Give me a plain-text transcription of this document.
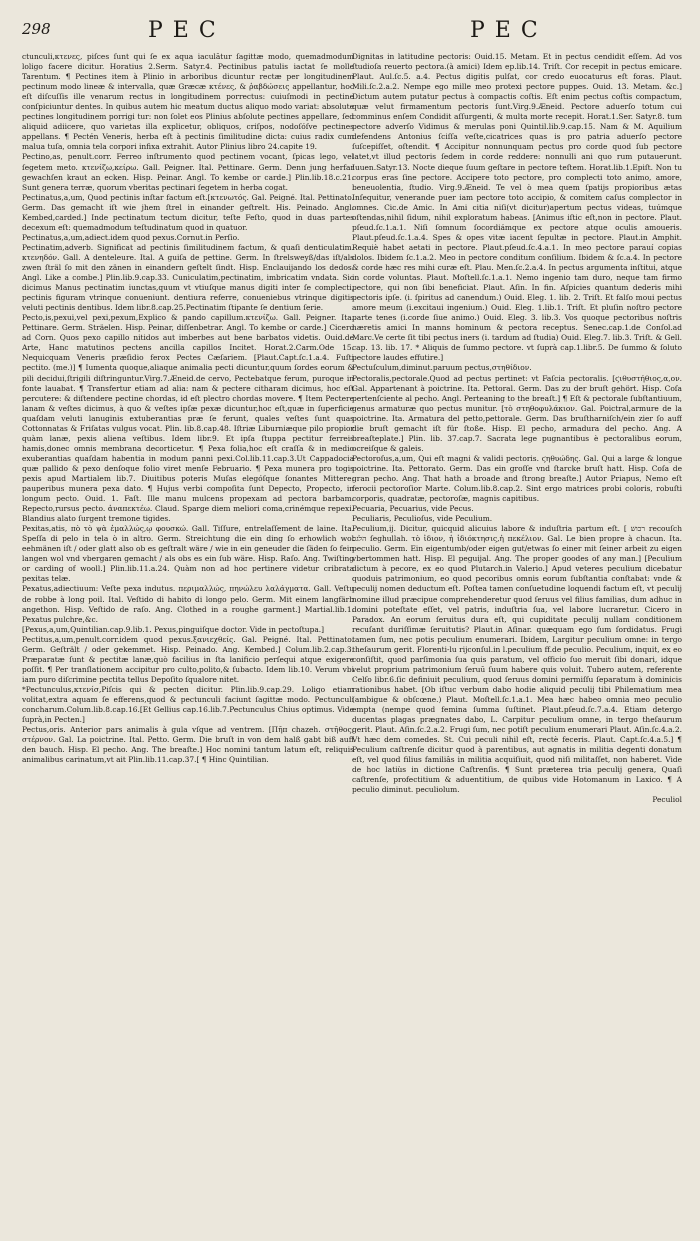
298	PEC	PEC

ctunculi,κτενες, piſces ſunt qui ſe ex aqua iaculātur ſagittæ modo, quemadmodum loligo facere dicitur. Horatius 2.Serm. Satyr.4. Pectinibus patulis iactat ſe molle Tarentum. ¶ Pectines item à Plinio in arboribus dicuntur rectæ per longitudinem pectinum modo lineæ & intervalla, quæ Græcæ κτένες, & ῥαβδώσεις appellantur, hoc eſt diſcuſſis ille venarum rectus in longitudinem porrectus: cuiuſmodi in pectine conſpiciuntur dentes. In quibus autem hic meatum ductus aliquo modo variat: absolute pectines longitudinem porrigi tur: non ſolet eos Plinius abſolute pectines appellare, ſed aliquid adiicere, quo varietas illa explicetur, obliquos, criſpos, nodoſóſve pectines appellans. ¶ Pectén Veneris, herba eſt à pectinis ſimilitudine dicta: cuius radix cum malua tuſa, omnia tela corpori infixa extrahit. Autor Plinius libro 24.capite 19.

Pectino,as, penult.corr. Ferreo inſtrumento quod pectinem vocant, ſpicas lego, vel ſegetem meto. κτενίζω,κείρω. Gall. Peigner. Ital. Pettinare. Germ. Denn jung herfar gewachſen kraut an ecken. Hisp. Peinar. Angl. To kembe or carde.] Plin.lib.18.c.21. Sunt genera terræ, quorum vberitas pectinari ſegetem in herba cogat.

Pectinatus,a,um, Quod pectinis inſtar factum eſt.[κτενωτός. Gal. Peigné. Ital. Pettinato. Germ. Das gemacht iſt wie jhem ſtrel in einander geſtrelt. His. Peinado. Angl. Kembed,carded.] Inde pectinatum tectum dicitur, teſte Feſto, quod in duas partes decexum eſt: quemadmodum teſtudinatum quod in quatuor.

Pectinatus,a,um,adiect.idem quod pexus.Cornut.in Perſio.

Pectinatim,adverb. Significat ad pectinis ſimilitudinem factum, & quaſi denticulatim. κτενηδόν. Gall. A denteleure. Ital. A guiſa de pettine. Germ. In ſtrelsweyß/das iſt/als zwen ſträl ſo mit den zänen in einandern geſtelt ſindt. Hisp. Enclauijando los dedos. Angl. Like a combe.] Plin.lib.9.cap.33. Cuniculatim,pectinatim, imbricatim vndata. Sic dicimus Manus pectinatim iunctas,quum vt vtiuſque manus digiti inter ſe complecti, pectinis figuram vtrinque conueniunt. dentiura referre, conueniebus vtrinque digitis veluti pectinis dentibus. Idem libr.8.cap.25.Pectinatim ſtipante ſe dentium ſerie.

Pecto,is,pexui,vel pexi,pexum,Explico & pando capillum.κτενίζω. Gall. Peigner. Ita. Pettinare. Germ. Sträelen. Hisp. Peinar, diſſenbetrar. Angl. To kembe or carde.] Cicero ad Corn. Quos pexo capillo nitidos aut imberbes aut bene barbatos videtis. Ouid.de Arte, Hanc matutinos pectens ancilla capillos Incitet. Horat.2.Carm.Ode 15. Nequicquam Veneris præſidio ferox Pectes Cæſariem. [Plaut.Capt.ſc.1.a.4. Fuſti pectito. (me.)] ¶ Iumenta quoque,aliaque animalia pecti dicuntur,quum ſordes eorum & pili decidui,ſtrigili diſtringuntur.Virg.7.Æneid.de cervo, Pectebatque ferum, puroque in fonte lauabat. ¶ Transfertur etiam ad alia: nam & pectere citharam dicimus, hoc eſt percutere: & diſtendere pectine chordas, id eſt plectro chordas movere. ¶ Item Pectere lanam & veſtes dicimus, à quo & veſtes ipſæ pexæ dicuntur,hoc eſt,quæ in ſuperficie quaſdam veluti lanuginis extuberantias præ ſe ferunt, quales veſtes ſunt quas Cottonnatas & Friſatas vulgus vocat. Plin. lib.8.cap.48. Iſtriæ Liburniæque pilo propior quàm lanæ, pexis aliena veſtibus. Idem libr.9. Et ipſa ſtuppa pectitur ferreis hamis,donec omnis membrana decorticetur. ¶ Pexa folia,hoc eſt craſſa & in medio exuberantias quaſdam habentia in modum panni pexi.Col.lib.11.cap.3.Ut Cappadocia quæ pallido & pexo denſoque folio viret menſe Februario. ¶ Pexa munera pro togis pexis apud Martialem lib.7. Diuitibus poteris Muſas elegóſque ſonantes Mittere: pauperibus munera pexa dato. ¶ Hujus verbi compoſita ſunt Depecto, Propecto, in longum pecto. Ouid. 1. Faſt. Ille manu mulcens propexam ad pectora barbam. Repecto,rursus pecto. ἀναπεκτέω. Claud. Sparge diem meliori coma,crinémque repexi. Blandius alato ſurgent tremone tigides.

Pexitas,atis, πὸ τὸ ψὰ ἐμαλλώς,ῳ φουσκώ. Gall. Tiſſure, entrelaſſement de laine. Ita. Speſſa di pelo in tela ò in altro. Germ. Streichtung die ein ding ſo erhowlich wol eehmänen iſt / oder glatt also ob es geſtralt wäre / wie in ein geneuder die ſäden ſo fein langen wol vnd vbergaren gemacht / als obs es ein ſub wäre. Hisp. Raſo. Ang. Twiſting or carding of wooll.] Plin.lib.11.a.24. Quàm non ad hoc pertinere videtur cribrata pexitas telæ.

Pexatus,adiectiuum: Veſte pexa indutus. περιμαλλώς, πηνώλευ λαλάγματα. Gall. Veſtu de robbe à long poil. Ital. Veſtido di habito di longo pelo. Germ. Mit einem langfärb angethon. Hisp. Veſtido de raſo. Ang. Clothed in a roughe garment.] Martial.lib.1. Pexatus pulchre,&c.

[Pexus,a,um,Quintilian.cap.9.lib.1. Pexus,pinguiſque doctor. Vide in pectoſtupa.]

Pectitus,a,um,penult.corr.idem quod pexus.ξανιεχθείς. Gal. Peigné. Ital. Pettinato. Germ. Geſtrält / oder gekemmet. Hisp. Peinado. Ang. Kembed.] Colum.lib.2.cap.3. Præparatæ ſunt & pectitæ lanæ,quò facilius in ſta lanificio perſequi atque exigere poſſit. ¶ Per tranſlationem accipitur pro culto,polito,& ſubacto. Idem lib.10. Verum vbi iam puro diſcrimine pectita tellus Depoſito ſqualore nitet.

*Pectunculus,κτενίσ,Piſcis qui & pecten dicitur. Plin.lib.9.cap.29. Loligo etiam volitat,extra aquam ſe efferens,quod & pectunculi faciunt ſagittæ modo. Pectunculi concharum.Colum.lib.8.cap.16.[Et Gellius cap.16.lib.7.Pectunculus Chius optimus. Vide ſuprà,in Pecten.]

Pectus,oris. Anterior pars animalis à gula vſque ad ventrem. [Πῆπ chazeh. στῆθος, στέρνον. Gal. La poictrine. Ital. Petto. Germ. Die bruſt in von dem halß gabt biß auff den bauch. Hisp. El pecho. Ang. The breaſte.] Hoc nomini tantum latum eſt, reliquis animalibus carinatum,vt ait Plin.lib.11.cap.37.[ ¶ Hinc Quintilian.

Dignitas in latitudine pectoris: Ouid.15. Metam. Et in pectus cendidit eſſem. Ad vos ſtudioſa reuerto pectora.(à amici) Idem ep.lib.14. Triſt. Cor recepit in pectus emicare. Plaut. Aul.ſc.5. a.4. Pectus digitis pulſat, cor credo euocaturus eſt foras. Plaut. Mili.ſc.2.a.2. Nempe ego mille meo protexi pectore puppes. Ouid. 13. Metam. &c.] Dictum autem putatur pectus à compactis coſtis. Eſt enim pectus coſtis compactum, quæ velut firmamentum pectoris ſunt.Virg.9.Æneid. Pectore aduerſo totum cui comminus enſem Condidit aſſurgenti, & multa morte recepit. Horat.1.Ser. Satyr.8. tum pectore adverſo Vidimus & merulas poni Quintil.lib.9.cap.15. Nam & M. Aquilium defendens Antonius ſciſſa veſte,cicatrices quas is pro patria aduerſo pectore ſuſcepiſſet, oſtendit. ¶ Accipitur nonnunquam pectus pro corde quod ſub pectore latet,vt illud pectoris ſedem in corde reddere: nonnulli ani quo rum putauerunt. Iuuen.Satyr.13. Nocte dieque ſuum geſtare in pectore teſtem. Horat.lib.1.Epiſt. Non tu corpus eras ſine pectore. Accipere toto pectore, pro complecti toto animo, amore, beneuolentia, ſtudio. Virg.9.Æneid. Te vel ò mea quem ſpatijs propioribus ætas Inſequitur, venerande puer iam pectore toto accipio, & comitem caſus complector in omnes. Cic.de Amic. In Ami citia niſi(vt dicitur)apertum pectus videas, tuúmque oſtendas,nihil ſidum, nihil exploratum habeas. [Animus iſtic eſt,non in pectore. Plaut. pſeud.ſc.1.a.1. Niſi ſomnum ſocordiámque ex pectore atque oculis amoueris. Plaut.pſeud.ſc.1.a.4. Spes & opes vitæ iacent ſepultæ in pectore. Plaut.in Amphit. Requiè habet aetati in pectore. Plaut.pſeud.ſc.4.a.1. In meo pectore parauí copias dolos. Ibidem ſc.1.a.2. Meo in pectore conditum conſilium. Ibidem & ſc.a.4. In pectore & corde hæc res mihi curæ eſt. Plau. Men.ſc.2.a.4. In pectus argumenta inſtitui, atque in corde voluntas. Plaut. Moſtell.ſc.1.a.1. Nemo ingenio tam duro, neque tam firmo pectore, qui non ſibi beneficiat. Plaut. Aſin. In fin. Aſpicies quantum dederis mihi pectoris ipſe. (i. ſpiritus ad canendum.) Ouid. Eleg. 1. lib. 2. Triſt. Et falſo moui pectus amore meum (i.excitaui ingenium.) Ouid. Eleg. 1.lib.1. Triſt. Et pluſin noſtro pectore parte tenes (i.corde ſiue animo.) Ouid. Eleg. 3. lib.3. Vos quoque pectoribus noſtris hæretis amici In manns hominum & pectora receptus. Senec.cap.1.de Conſol.ad Marc.Ve certe ſit tibi pectus iners (i. tardum ad ſtudia) Ouid. Eleg.7. lib.3. Triſt. & Gell. cap. 13. lib. 17. * Aliquis de ſummo pectore. vt ſuprà cap.1.libr.5. De ſummo & ſoluto pectore laudes effutire.]

Pectuſculum,diminut.paruum pectus,στηθίδιον.

Pectoralis,pectorale.Quod ad pectus pertinet: vt Faſcia pectoralis. [ϛιθυστήθιος,α,ον. Gal. Appartenant à poictrine. Ita. Pettoral. Germ. Das zu der bruſt gehört. Hisp. Coſa pertenſciente al pecho. Angl. Perteaning to the breaſt.] ¶ Eſt & pectorale ſubſtantiuum, genus armaturæ quo pectus munitur. [τὸ στηθοφυλάκιον. Gal. Poictral,armure de la poictrine. Ita. Armatura del petto,pettorale. Germ. Das bruſtharniſch/ein zier ſo auff die bruſt gemacht iſt für ſtoße. Hisp. El pecho, armadura del pecho. Ang. A breaſteplate.] Plin. lib. 37.cap.7. Sacrata lege pugnantibus è pectoralibus eorum, ocreiſque & galeis.

Pectoroſus,a,um, Qui eſt magni & validi pectoris. ϛηθυώδης. Gal. Qui a large & longue poictrine. Ita. Pettorato. Germ. Das ein groſſe vnd ſtarcke bruſt hatt. Hisp. Coſa de gran pecho. Ang. That hath a broade and ſtrong breaſte.] Autor Priapus, Nemo eſt ferocii pectoroſior Marte. Colum.lib.8.cap.2. Sint ergo matrices probi coloris, robuſti corporis, quadratæ, pectoroſæ, magnis capitibus.

Pecuaria, Pecuarius, vide Pecus.

Peculiaris, Peculioſus, vide Peculium.

Peculium,ij. Dicitur, quicquid alicuius labore & induſtria partum eſt. [ רכוש recouſch הלגס ſeghullah. τὸ ἰδιον, ἡ ἰδιόκτησις,ἡ πεκέλιον. Gal. Le bien propre à chacun. Ita. peculio. Germ. Ein eigentumb/oder eigen gut/etwas ſo einer mit ſeiner arbeit zu eigen vbertommen hatt. Hisp. El peguijal. Ang. The proper goodes of any man.] [Peculium dictum à pecore, ex eo quod Plutarch.in Valerio.] Apud veteres peculium dicebatur quoduis patrimonium, eo quod pecoribus omnis eorum ſubſtantia conſtabat: vnde & peculij nomen deductum eſt. Poſtea tamen conſuetudine loquendi factum eſt, vt peculij nomine illud præcipue comprehenderetur quod ſeruus vel filius familias, dum adhuc in domini poteſtate eſſet, vel patris, induſtria ſua, vel labore lucraretur. Cicero in Paradox. An eorum ſeruitus dura eſt, qui cupiditate peculij nullam conditionem recuſant duriſſimæ ſeruitutis? Plaut.in Aſinar. quæquam ego ſum ſordidatus. Frugi tamen ſum, nec potis peculium enumerari. Ibidem, Largitur peculium omne: in tergo theſaurum gerit. Florenti-lu rijconſul.in l.peculium ff.de peculio. Peculium, inquit, ex eo conſiſtit, quod parſimonia ſua quis paratum, vel officio ſuo meruit ſibi donari, idque velut proprium patrimonium ſeruū ſuum habere quis voluit. Tubero autem, referente Celſo libr.6.ſic definiuit peculium, quod ſeruus domini permiſſu ſeparatum à dominicis rationibus habet. [Ob iſtuc verbum dabo hodie aliquid peculij tibi Philematium mea (ambigue & obſcœne.) Plaut. Moſtell.ſc.1.a.1. Mea hæc habeo omnia meo peculio empta (nempe quod femina ſumma ſuſtinet. Plaut.pſeud.ſc.7.a.4. Etiam detergo ducentas plagas prægnates dabo, L. Carpitur peculium omne, in tergo theſaurum gerit. Plaut. Aſin.ſc.2.a.2. Frugi ſum, nec potiſt peculium enumerari Plaut. Aſin.ſc.4.a.2. Vt hæc dem comedes. St. Cui peculi nihil eſt, rectè feceris. Plaut. Capt.ſc.4.a.5.] ¶ Peculium caſtrenſe dicitur quod à parentibus, aut agnatis in militia degenti donatum eſt, vel quod filius familiâs in militia acquiſiuit, quod niſi militaſſet, non haberet. Vide de hoc latiùs in dictione Caſtrenſis. ¶ Sunt præterea tria peculij genera, Quaſi caſtrenſe, profectitium & aduentitium, de quibus vide Hotomanum in Laxico. ¶ A peculio diminut. peculiolum.

Peculiol
